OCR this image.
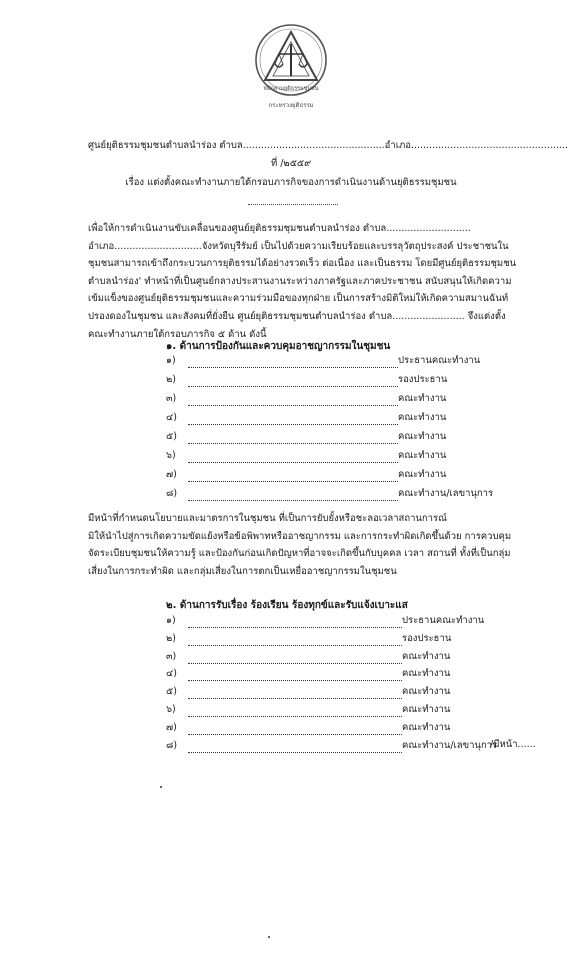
หลักสามยุติธรรมชุมชน
กระทรวงยุติธรรม
ศูนย์ยุติธรรมชุมชนตำบลนำร่อง ตำบล...............................................อำเภอ....................................................
ที่ /๒๕๕๙
เรื่อง แต่งตั้งคณะทำงานภายใต้กรอบภารกิจของการดำเนินงานด้านยุติธรรมชุมชน
เพื่อให้การดำเนินงานขับเคลื่อนของศูนย์ยุติธรรมชุมชนตำบลนำร่อง ตำบล............................
อำเภอ.............................จังหวัดบุรีรัมย์ เป็นไปด้วยความเรียบร้อยและบรรลุวัตถุประสงค์ ประชาชนใน
ชุมชนสามารถเข้าถึงกระบวนการยุติธรรมได้อย่างรวดเร็ว ต่อเนื่อง และเป็นธรรม โดยมีศูนย์ยุติธรรมชุมชน
ตำบลนำร่อง' ทำหน้าที่เป็นศูนย์กลางประสานงานระหว่างภาครัฐและภาคประชาชน สนับสนุนให้เกิดความ
เข้มแข็งของศูนย์ยุติธรรมชุมชนและความร่วมมือของทุกฝ่าย เป็นการสร้างมิติใหม่ให้เกิดความสมานฉันท์
ปรองดองในชุมชน และสังคมที่ยั่งยืน ศูนย์ยุติธรรมชุมชนตำบลนำร่อง ตำบล........................ จึงแต่งตั้ง
คณะทำงานภายใต้กรอบภารกิจ ๕ ด้าน ดังนี้
๑. ด้านการป้องกันและควบคุมอาชญากรรมในชุมชน
๑)	ประธานคณะทำงาน
๒)	รองประธาน
๓)	คณะทำงาน
๔)	คณะทำงาน
๕)	คณะทำงาน
๖)	คณะทำงาน
๗)	คณะทำงาน
๘)	คณะทำงาน/เลขานุการ
มีหน้าที่กำหนดนโยบายและมาตรการในชุมชน ที่เป็นการยับยั้งหรือชะลอเวลาสถานการณ์
มิให้นำไปสู่การเกิดความขัดแย้งหรือข้อพิพาทหรืออาชญากรรม และการกระทำผิดเกิดขึ้นด้วย การควบคุม
จัดระเบียบชุมชนให้ความรู้ และป้องกันก่อนเกิดปัญหาที่อาจจะเกิดขึ้นกับบุคคล เวลา สถานที่ ทั้งที่เป็นกลุ่ม
เสี่ยงในการกระทำผิด และกลุ่มเสี่ยงในการตกเป็นเหยื่ออาชญากรรมในชุมชน
๒. ด้านการรับเรื่อง ร้องเรียน ร้องทุกข์และรับแจ้งเบาะแส
๑)	ประธานคณะทำงาน
๒)	รองประธาน
๓)	คณะทำงาน
๔)	คณะทำงาน
๕)	คณะทำงาน
๖)	คณะทำงาน
๗)	คณะทำงาน
๘)	คณะทำงาน/เลขานุการ
/มีหน้า......
